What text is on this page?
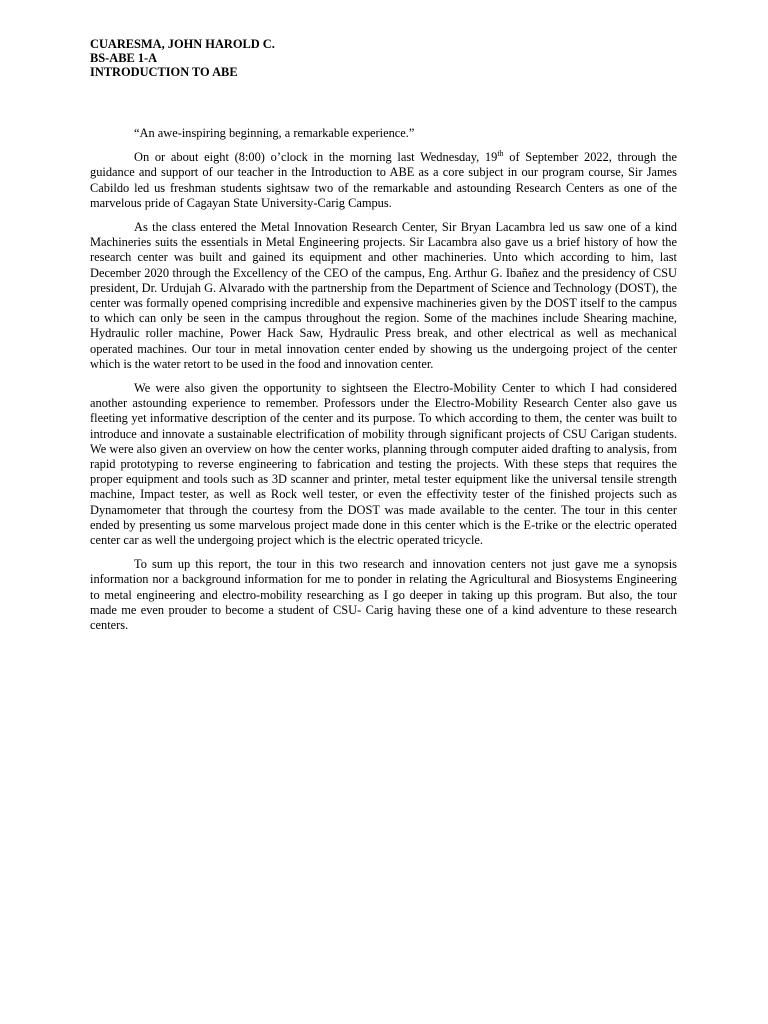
CUARESMA, JOHN HAROLD C.

BS-ABE 1-A

INTRODUCTION TO ABE

“An awe-inspiring beginning, a remarkable experience.”

On or about eight (8:00) o’clock in the morning last Wednesday, 19th of September 2022, through the guidance and support of our teacher in the Introduction to ABE as a core subject in our program course, Sir James Cabildo led us freshman students sightsaw two of the remarkable and astounding Research Centers as one of the marvelous pride of Cagayan State University-Carig Campus.

As the class entered the Metal Innovation Research Center, Sir Bryan Lacambra led us saw one of a kind Machineries suits the essentials in Metal Engineering projects. Sir Lacambra also gave us a brief history of how the research center was built and gained its equipment and other machineries. Unto which according to him, last December 2020 through the Excellency of the CEO of the campus, Eng. Arthur G. Ibañez and the presidency of CSU president, Dr. Urdujah G. Alvarado with the partnership from the Department of Science and Technology (DOST), the center was formally opened comprising incredible and expensive machineries given by the DOST itself to the campus to which can only be seen in the campus throughout the region. Some of the machines include Shearing machine, Hydraulic roller machine, Power Hack Saw, Hydraulic Press break, and other electrical as well as mechanical operated machines. Our tour in metal innovation center ended by showing us the undergoing project of the center which is the water retort to be used in the food and innovation center.

We were also given the opportunity to sightseen the Electro-Mobility Center to which I had considered another astounding experience to remember. Professors under the Electro-Mobility Research Center also gave us fleeting yet informative description of the center and its purpose. To which according to them, the center was built to introduce and innovate a sustainable electrification of mobility through significant projects of CSU Carigan students. We were also given an overview on how the center works, planning through computer aided drafting to analysis, from rapid prototyping to reverse engineering to fabrication and testing the projects. With these steps that requires the proper equipment and tools such as 3D scanner and printer, metal tester equipment like the universal tensile strength machine, Impact tester, as well as Rock well tester, or even the effectivity tester of the finished projects such as Dynamometer that through the courtesy from the DOST was made available to the center. The tour in this center ended by presenting us some marvelous project made done in this center which is the E-trike or the electric operated center car as well the undergoing project which is the electric operated tricycle.

To sum up this report, the tour in this two research and innovation centers not just gave me a synopsis information nor a background information for me to ponder in relating the Agricultural and Biosystems Engineering to metal engineering and electro-mobility researching as I go deeper in taking up this program. But also, the tour made me even prouder to become a student of CSU- Carig having these one of a kind adventure to these research centers.
